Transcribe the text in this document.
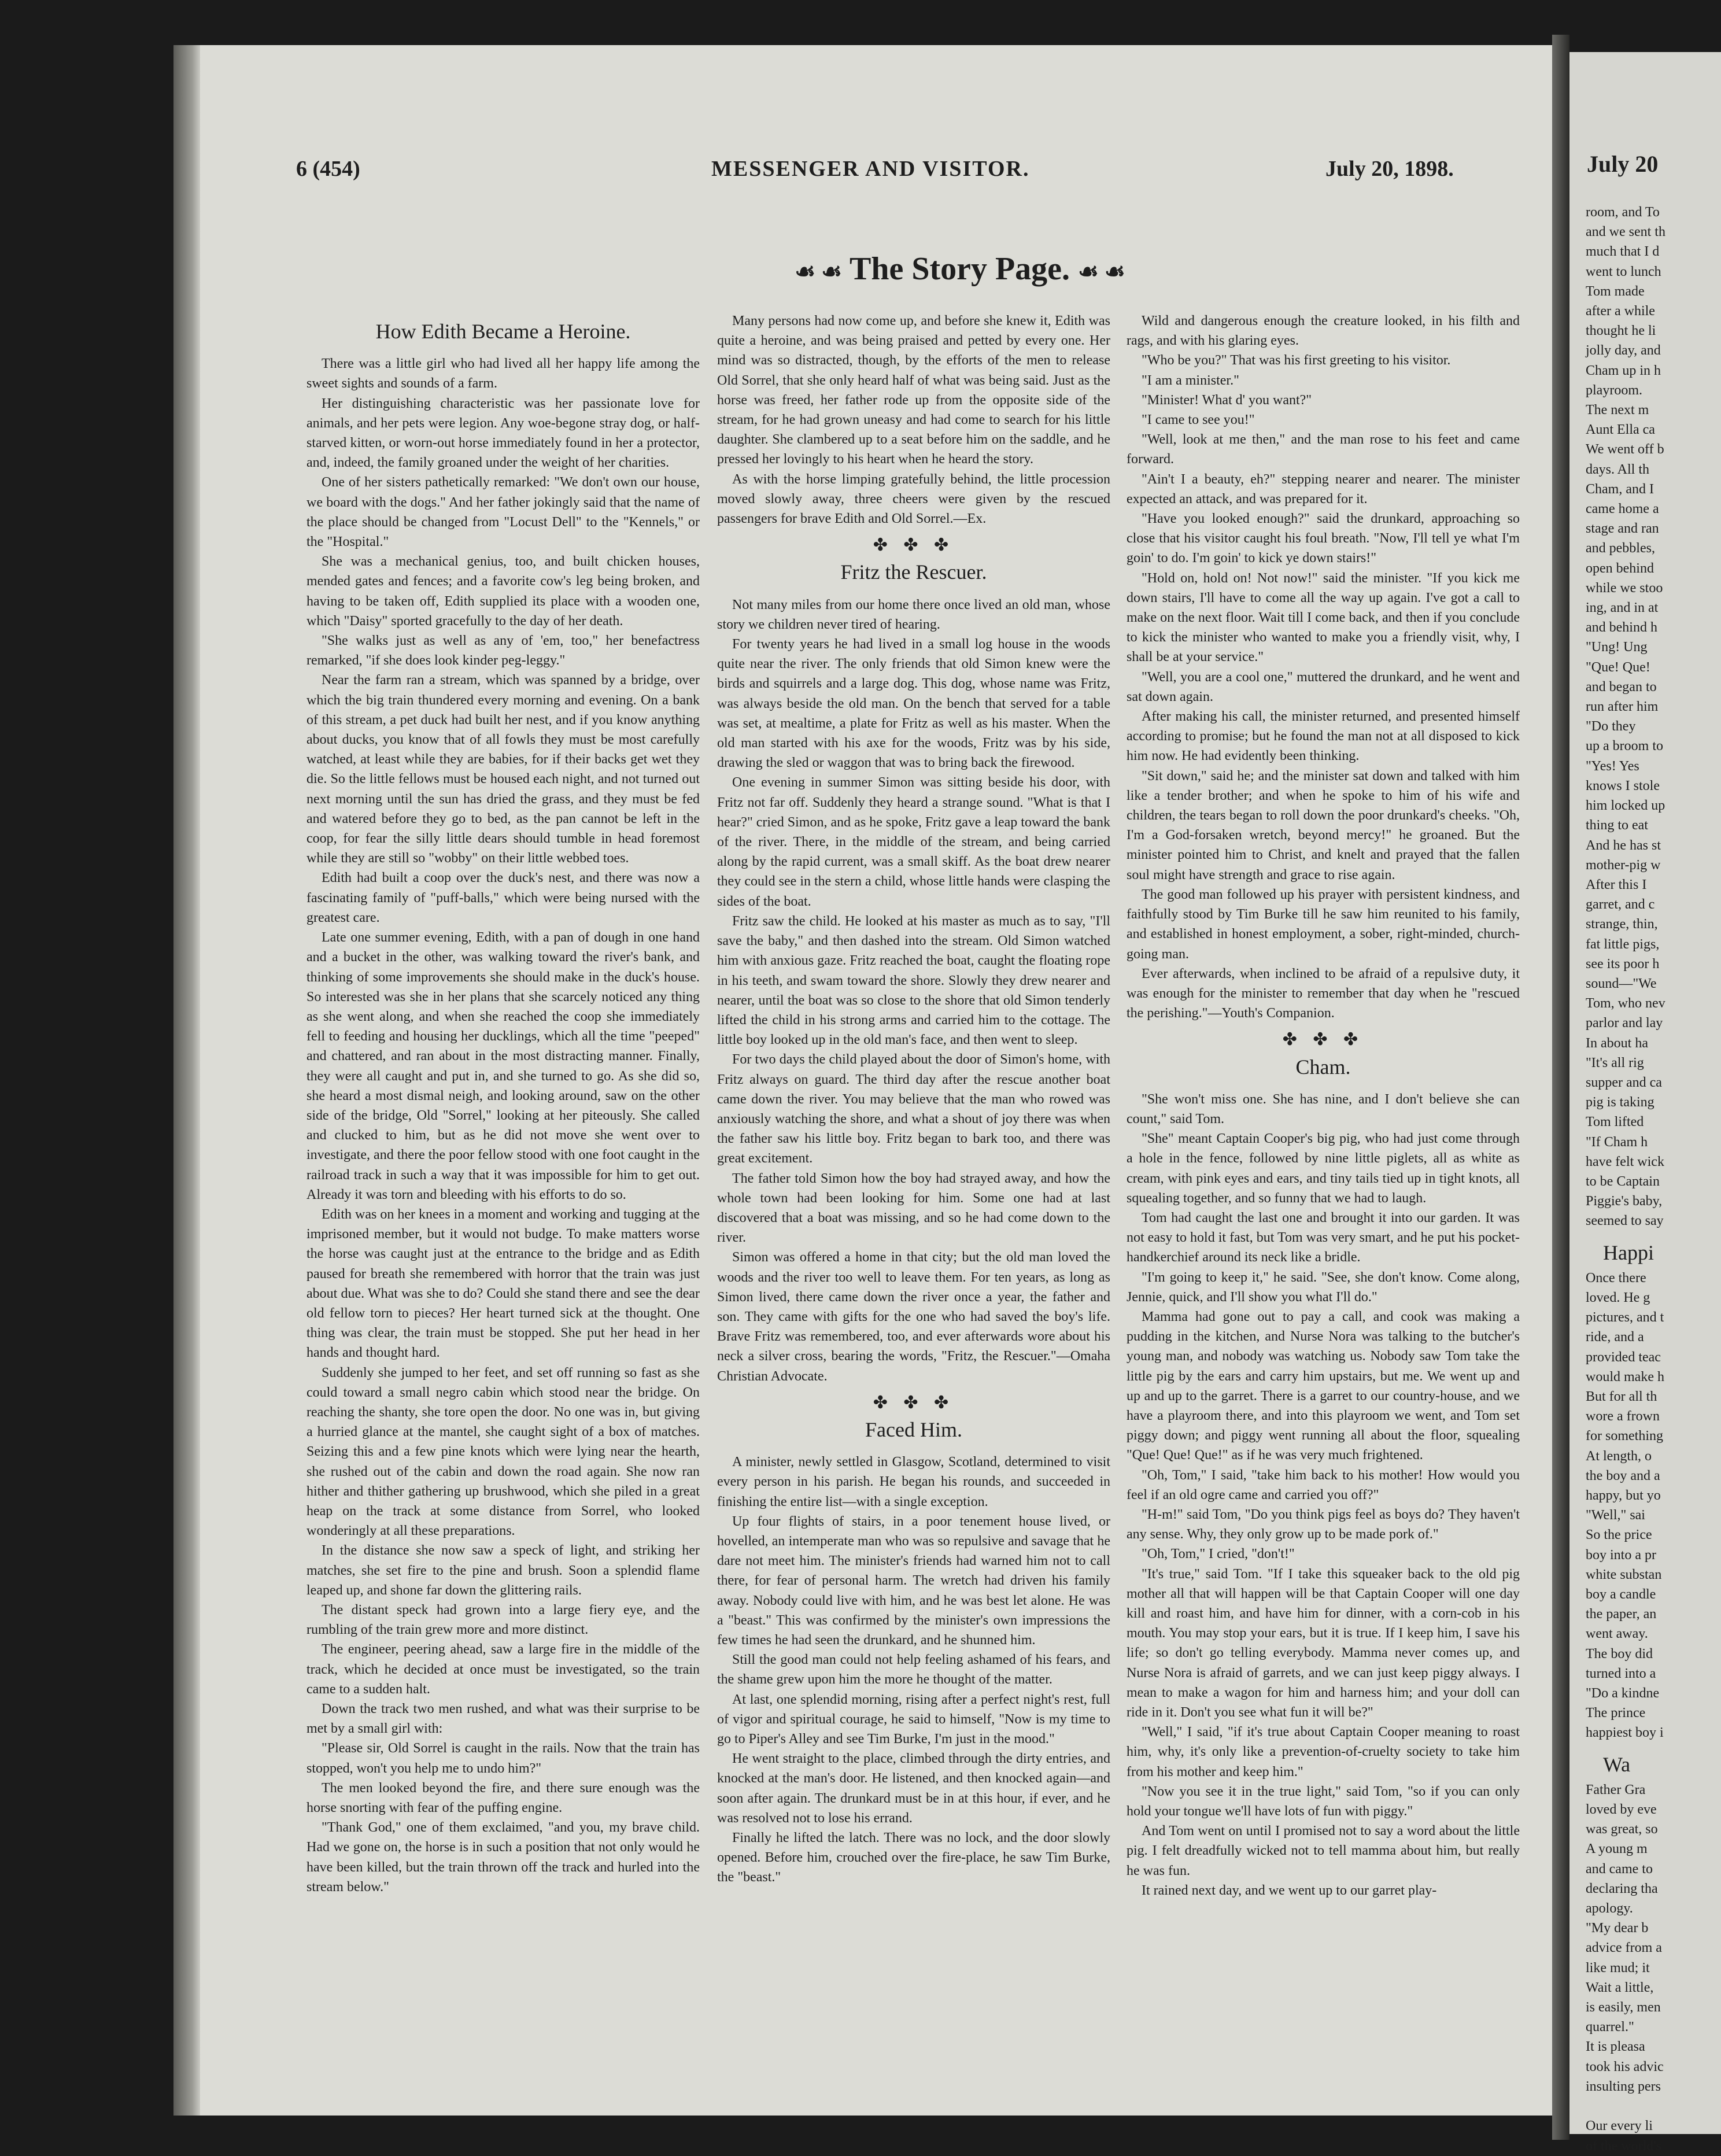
6 (454)	MESSENGER AND VISITOR.	July 20, 1898.
☙ ☙ The Story Page. ☙ ☙
How Edith Became a Heroine.

There was a little girl who had lived all her happy life among the sweet sights and sounds of a farm.

Her distinguishing characteristic was her passionate love for animals, and her pets were legion. Any woe-begone stray dog, or half-starved kitten, or worn-out horse immediately found in her a protector, and, indeed, the family groaned under the weight of her charities.

One of her sisters pathetically remarked: "We don't own our house, we board with the dogs." And her father jokingly said that the name of the place should be changed from "Locust Dell" to the "Kennels," or the "Hospital."

She was a mechanical genius, too, and built chicken houses, mended gates and fences; and a favorite cow's leg being broken, and having to be taken off, Edith supplied its place with a wooden one, which "Daisy" sported gracefully to the day of her death.

"She walks just as well as any of 'em, too," her benefactress remarked, "if she does look kinder peg-leggy."

Near the farm ran a stream, which was spanned by a bridge, over which the big train thundered every morning and evening. On a bank of this stream, a pet duck had built her nest, and if you know anything about ducks, you know that of all fowls they must be most carefully watched, at least while they are babies, for if their backs get wet they die. So the little fellows must be housed each night, and not turned out next morning until the sun has dried the grass, and they must be fed and watered before they go to bed, as the pan cannot be left in the coop, for fear the silly little dears should tumble in head foremost while they are still so "wobby" on their little webbed toes.

Edith had built a coop over the duck's nest, and there was now a fascinating family of "puff-balls," which were being nursed with the greatest care.

Late one summer evening, Edith, with a pan of dough in one hand and a bucket in the other, was walking toward the river's bank, and thinking of some improvements she should make in the duck's house. So interested was she in her plans that she scarcely noticed any thing as she went along, and when she reached the coop she immediately fell to feeding and housing her ducklings, which all the time "peeped" and chattered, and ran about in the most distracting manner. Finally, they were all caught and put in, and she turned to go. As she did so, she heard a most dismal neigh, and looking around, saw on the other side of the bridge, Old "Sorrel," looking at her piteously. She called and clucked to him, but as he did not move she went over to investigate, and there the poor fellow stood with one foot caught in the railroad track in such a way that it was impossible for him to get out. Already it was torn and bleeding with his efforts to do so.

Edith was on her knees in a moment and working and tugging at the imprisoned member, but it would not budge. To make matters worse the horse was caught just at the entrance to the bridge and as Edith paused for breath she remembered with horror that the train was just about due. What was she to do? Could she stand there and see the dear old fellow torn to pieces? Her heart turned sick at the thought. One thing was clear, the train must be stopped. She put her head in her hands and thought hard.

Suddenly she jumped to her feet, and set off running so fast as she could toward a small negro cabin which stood near the bridge. On reaching the shanty, she tore open the door. No one was in, but giving a hurried glance at the mantel, she caught sight of a box of matches. Seizing this and a few pine knots which were lying near the hearth, she rushed out of the cabin and down the road again. She now ran hither and thither gathering up brushwood, which she piled in a great heap on the track at some distance from Sorrel, who looked wonderingly at all these preparations.

In the distance she now saw a speck of light, and striking her matches, she set fire to the pine and brush. Soon a splendid flame leaped up, and shone far down the glittering rails.

The distant speck had grown into a large fiery eye, and the rumbling of the train grew more and more distinct.

The engineer, peering ahead, saw a large fire in the middle of the track, which he decided at once must be investigated, so the train came to a sudden halt.

Down the track two men rushed, and what was their surprise to be met by a small girl with:

"Please sir, Old Sorrel is caught in the rails. Now that the train has stopped, won't you help me to undo him?"

The men looked beyond the fire, and there sure enough was the horse snorting with fear of the puffing engine.

"Thank God," one of them exclaimed, "and you, my brave child. Had we gone on, the horse is in such a position that not only would he have been killed, but the train thrown off the track and hurled into the stream below."

Many persons had now come up, and before she knew it, Edith was quite a heroine, and was being praised and petted by every one. Her mind was so distracted, though, by the efforts of the men to release Old Sorrel, that she only heard half of what was being said. Just as the horse was freed, her father rode up from the opposite side of the stream, for he had grown uneasy and had come to search for his little daughter. She clambered up to a seat before him on the saddle, and he pressed her lovingly to his heart when he heard the story.

As with the horse limping gratefully behind, the little procession moved slowly away, three cheers were given by the rescued passengers for brave Edith and Old Sorrel.—Ex.

✤ ✤ ✤
Fritz the Rescuer.

Not many miles from our home there once lived an old man, whose story we children never tired of hearing.

For twenty years he had lived in a small log house in the woods quite near the river. The only friends that old Simon knew were the birds and squirrels and a large dog. This dog, whose name was Fritz, was always beside the old man. On the bench that served for a table was set, at mealtime, a plate for Fritz as well as his master. When the old man started with his axe for the woods, Fritz was by his side, drawing the sled or waggon that was to bring back the firewood.

One evening in summer Simon was sitting beside his door, with Fritz not far off. Suddenly they heard a strange sound. "What is that I hear?" cried Simon, and as he spoke, Fritz gave a leap toward the bank of the river. There, in the middle of the stream, and being carried along by the rapid current, was a small skiff. As the boat drew nearer they could see in the stern a child, whose little hands were clasping the sides of the boat.

Fritz saw the child. He looked at his master as much as to say, "I'll save the baby," and then dashed into the stream. Old Simon watched him with anxious gaze. Fritz reached the boat, caught the floating rope in his teeth, and swam toward the shore. Slowly they drew nearer and nearer, until the boat was so close to the shore that old Simon tenderly lifted the child in his strong arms and carried him to the cottage. The little boy looked up in the old man's face, and then went to sleep.

For two days the child played about the door of Simon's home, with Fritz always on guard. The third day after the rescue another boat came down the river. You may believe that the man who rowed was anxiously watching the shore, and what a shout of joy there was when the father saw his little boy. Fritz began to bark too, and there was great excitement.

The father told Simon how the boy had strayed away, and how the whole town had been looking for him. Some one had at last discovered that a boat was missing, and so he had come down to the river.

Simon was offered a home in that city; but the old man loved the woods and the river too well to leave them. For ten years, as long as Simon lived, there came down the river once a year, the father and son. They came with gifts for the one who had saved the boy's life. Brave Fritz was remembered, too, and ever afterwards wore about his neck a silver cross, bearing the words, "Fritz, the Rescuer."—Omaha Christian Advocate.

✤ ✤ ✤
Faced Him.

A minister, newly settled in Glasgow, Scotland, determined to visit every person in his parish. He began his rounds, and succeeded in finishing the entire list—with a single exception.

Up four flights of stairs, in a poor tenement house lived, or hovelled, an intemperate man who was so repulsive and savage that he dare not meet him. The minister's friends had warned him not to call there, for fear of personal harm. The wretch had driven his family away. Nobody could live with him, and he was best let alone. He was a "beast." This was confirmed by the minister's own impressions the few times he had seen the drunkard, and he shunned him.

Still the good man could not help feeling ashamed of his fears, and the shame grew upon him the more he thought of the matter.

At last, one splendid morning, rising after a perfect night's rest, full of vigor and spiritual courage, he said to himself, "Now is my time to go to Piper's Alley and see Tim Burke, I'm just in the mood."

He went straight to the place, climbed through the dirty entries, and knocked at the man's door. He listened, and then knocked again—and soon after again. The drunkard must be in at this hour, if ever, and he was resolved not to lose his errand.

Finally he lifted the latch. There was no lock, and the door slowly opened. Before him, crouched over the fire-place, he saw Tim Burke, the "beast."

Wild and dangerous enough the creature looked, in his filth and rags, and with his glaring eyes.

"Who be you?" That was his first greeting to his visitor.

"I am a minister."

"Minister! What d' you want?"

"I came to see you!"

"Well, look at me then," and the man rose to his feet and came forward.

"Ain't I a beauty, eh?" stepping nearer and nearer. The minister expected an attack, and was prepared for it.

"Have you looked enough?" said the drunkard, approaching so close that his visitor caught his foul breath. "Now, I'll tell ye what I'm goin' to do. I'm goin' to kick ye down stairs!"

"Hold on, hold on! Not now!" said the minister. "If you kick me down stairs, I'll have to come all the way up again. I've got a call to make on the next floor. Wait till I come back, and then if you conclude to kick the minister who wanted to make you a friendly visit, why, I shall be at your service."

"Well, you are a cool one," muttered the drunkard, and he went and sat down again.

After making his call, the minister returned, and presented himself according to promise; but he found the man not at all disposed to kick him now. He had evidently been thinking.

"Sit down," said he; and the minister sat down and talked with him like a tender brother; and when he spoke to him of his wife and children, the tears began to roll down the poor drunkard's cheeks. "Oh, I'm a God-forsaken wretch, beyond mercy!" he groaned. But the minister pointed him to Christ, and knelt and prayed that the fallen soul might have strength and grace to rise again.

The good man followed up his prayer with persistent kindness, and faithfully stood by Tim Burke till he saw him reunited to his family, and established in honest employment, a sober, right-minded, church-going man.

Ever afterwards, when inclined to be afraid of a repulsive duty, it was enough for the minister to remember that day when he "rescued the perishing."—Youth's Companion.

✤ ✤ ✤
Cham.

"She won't miss one. She has nine, and I don't believe she can count," said Tom.

"She" meant Captain Cooper's big pig, who had just come through a hole in the fence, followed by nine little piglets, all as white as cream, with pink eyes and ears, and tiny tails tied up in tight knots, all squealing together, and so funny that we had to laugh.

Tom had caught the last one and brought it into our garden. It was not easy to hold it fast, but Tom was very smart, and he put his pocket-handkerchief around its neck like a bridle.

"I'm going to keep it," he said. "See, she don't know. Come along, Jennie, quick, and I'll show you what I'll do."

Mamma had gone out to pay a call, and cook was making a pudding in the kitchen, and Nurse Nora was talking to the butcher's young man, and nobody was watching us. Nobody saw Tom take the little pig by the ears and carry him upstairs, but me. We went up and up and up to the garret. There is a garret to our country-house, and we have a playroom there, and into this playroom we went, and Tom set piggy down; and piggy went running all about the floor, squealing "Que! Que! Que!" as if he was very much frightened.

"Oh, Tom," I said, "take him back to his mother! How would you feel if an old ogre came and carried you off?"

"H-m!" said Tom, "Do you think pigs feel as boys do? They haven't any sense. Why, they only grow up to be made pork of."

"Oh, Tom," I cried, "don't!"

"It's true," said Tom. "If I take this squeaker back to the old pig mother all that will happen will be that Captain Cooper will one day kill and roast him, and have him for dinner, with a corn-cob in his mouth. You may stop your ears, but it is true. If I keep him, I save his life; so don't go telling everybody. Mamma never comes up, and Nurse Nora is afraid of garrets, and we can just keep piggy always. I mean to make a wagon for him and harness him; and your doll can ride in it. Don't you see what fun it will be?"

"Well," I said, "if it's true about Captain Cooper meaning to roast him, why, it's only like a prevention-of-cruelty society to take him from his mother and keep him."

"Now you see it in the true light," said Tom, "so if you can only hold your tongue we'll have lots of fun with piggy."

And Tom went on until I promised not to say a word about the little pig. I felt dreadfully wicked not to tell mamma about him, but really he was fun.

It rained next day, and we went up to our garret play-

July 20
room, and To
and we sent th
much that I d
went to lunch
Tom made
after a while
thought he li
jolly day, and
Cham up in h
playroom.
The next m
Aunt Ella ca
We went off b
days. All th
Cham, and I
came home a
stage and ran
and pebbles,
open behind
while we stoo
ing, and in at
and behind h
"Ung! Ung
"Que! Que!
and began to
run after him
"Do they
up a broom to
"Yes! Yes
knows I stole
him locked up
thing to eat
And he has st
mother-pig w
After this I
garret, and c
strange, thin,
fat little pigs,
see its poor h
sound—"We
Tom, who nev
parlor and lay
In about ha
"It's all rig
supper and ca
pig is taking
Tom lifted
"If Cham h
have felt wick
to be Captain
Piggie's baby,
seemed to say
Happi
Once there
loved. He g
pictures, and t
ride, and a
provided teac
would make h
But for all th
wore a frown
for something
At length, o
the boy and a
happy, but yo
"Well," sai
So the price
boy into a pr
white substan
boy a candle
the paper, an
went away.
The boy did
turned into a
"Do a kindne
The prince
happiest boy i
Wa
Father Gra
loved by eve
was great, so
A young m
and came to
declaring tha
apology.
"My dear b
advice from a
like mud; it
Wait a little,
is easily, men
quarrel."
It is pleasa
took his advic
insulting pers

Our every li
of the world's
